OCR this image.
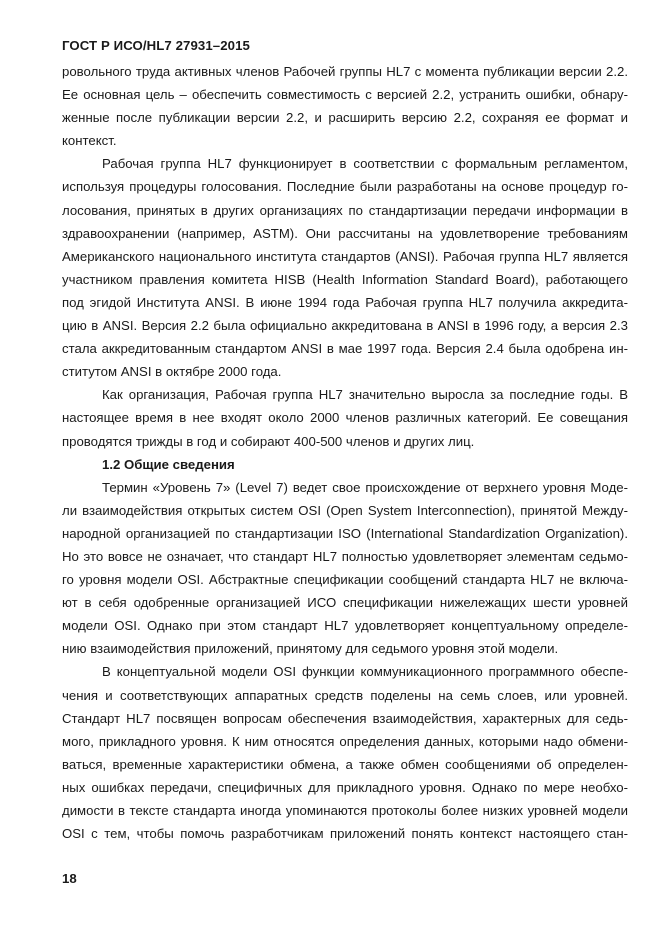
ГОСТ Р ИСО/HL7 27931–2015
ровольного труда активных членов Рабочей группы HL7 с момента публикации версии 2.2.
Ее основная цель – обеспечить совместимость с версией 2.2, устранить ошибки, обнару-
женные после публикации версии 2.2, и расширить версию 2.2, сохраняя ее формат и
контекст.
Рабочая группа HL7 функционирует в соответствии с формальным регламентом,
используя процедуры голосования. Последние были разработаны на основе процедур го-
лосования, принятых в других организациях по стандартизации передачи информации в
здравоохранении (например, ASTM). Они рассчитаны на удовлетворение требованиям
Американского национального института стандартов (ANSI). Рабочая группа HL7 является
участником правления комитета HISB (Health Information Standard Board), работающего
под эгидой Института ANSI. В июне 1994 года Рабочая группа HL7 получила аккредита-
цию в ANSI. Версия 2.2 была официально аккредитована в ANSI в 1996 году, а версия 2.3
стала аккредитованным стандартом ANSI в мае 1997 года. Версия 2.4 была одобрена ин-
ститутом ANSI в октябре 2000 года.
Как организация, Рабочая группа HL7 значительно выросла за последние годы. В
настоящее время в нее входят около 2000 членов различных категорий. Ее совещания
проводятся трижды в год и собирают 400-500 членов и других лиц.
1.2 Общие сведения
Термин «Уровень 7» (Level 7) ведет свое происхождение от верхнего уровня Моде-
ли взаимодействия открытых систем OSI (Open System Interconnection), принятой Между-
народной организацией по стандартизации ISO (International Standardization Organization).
Но это вовсе не означает, что стандарт HL7 полностью удовлетворяет элементам седьмо-
го уровня модели OSI. Абстрактные спецификации сообщений стандарта HL7 не включа-
ют в себя одобренные организацией ИСО спецификации нижележащих шести уровней
модели OSI. Однако при этом стандарт HL7 удовлетворяет концептуальному определе-
нию взаимодействия приложений, принятому для седьмого уровня этой модели.
В концептуальной модели OSI функции коммуникационного программного обеспе-
чения и соответствующих аппаратных средств поделены на семь слоев, или уровней.
Стандарт HL7 посвящен вопросам обеспечения взаимодействия, характерных для седь-
мого, прикладного уровня. К ним относятся определения данных, которыми надо обмени-
ваться, временные характеристики обмена, а также обмен сообщениями об определен-
ных ошибках передачи, специфичных для прикладного уровня. Однако по мере необхо-
димости в тексте стандарта иногда упоминаются протоколы более низких уровней модели
OSI с тем, чтобы помочь разработчикам приложений понять контекст настоящего стан-
18
